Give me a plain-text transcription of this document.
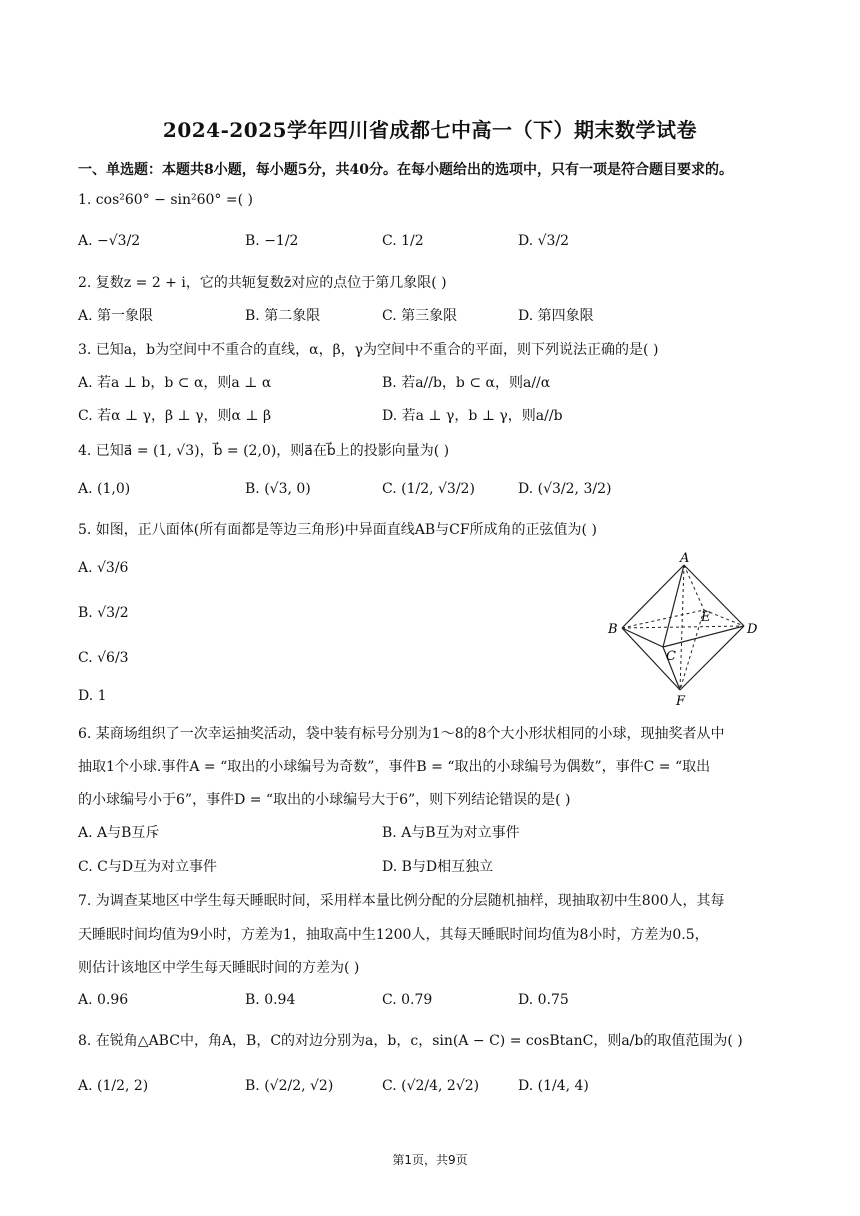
2024-2025学年四川省成都七中高一（下）期末数学试卷
一、单选题：本题共8小题，每小题5分，共40分。在每小题给出的选项中，只有一项是符合题目要求的。
1. cos²60° − sin²60° =( )
A. −√3/2	B. −1/2	C. 1/2	D. √3/2
2. 复数z = 2 + i，它的共轭复数z̄对应的点位于第几象限( )
A. 第一象限	B. 第二象限	C. 第三象限	D. 第四象限
3. 已知a，b为空间中不重合的直线，α，β，γ为空间中不重合的平面，则下列说法正确的是( )
A. 若a ⊥ b，b ⊂ α，则a ⊥ α	B. 若a//b，b ⊂ α，则a//α
C. 若α ⊥ γ，β ⊥ γ，则α ⊥ β	D. 若a ⊥ γ，b ⊥ γ，则a//b
4. 已知a⃗ = (1, √3)，b⃗ = (2,0)，则a⃗在b⃗上的投影向量为( )
A. (1,0)	B. (√3, 0)	C. (1/2, √3/2)	D. (√3/2, 3/2)
5. 如图，正八面体(所有面都是等边三角形)中异面直线AB与CF所成角的正弦值为( )
A. √3/6
B. √3/2
C. √6/3
D. 1
A
B
C
D
E
F
6. 某商场组织了一次幸运抽奖活动，袋中装有标号分别为1～8的8个大小形状相同的小球，现抽奖者从中
抽取1个小球.事件A = “取出的小球编号为奇数”，事件B = “取出的小球编号为偶数”，事件C = “取出
的小球编号小于6”，事件D = “取出的小球编号大于6”，则下列结论错误的是( )
A. A与B互斥	B. A与B互为对立事件
C. C与D互为对立事件	D. B与D相互独立
7. 为调查某地区中学生每天睡眠时间，采用样本量比例分配的分层随机抽样，现抽取初中生800人，其每
天睡眠时间均值为9小时，方差为1，抽取高中生1200人，其每天睡眠时间均值为8小时，方差为0.5，
则估计该地区中学生每天睡眠时间的方差为( )
A. 0.96	B. 0.94	C. 0.79	D. 0.75
8. 在锐角△ABC中，角A，B，C的对边分别为a，b，c，sin(A − C) = cosBtanC，则a/b的取值范围为( )
A. (1/2, 2)	B. (√2/2, √2)	C. (√2/4, 2√2)	D. (1/4, 4)
第1页，共9页
